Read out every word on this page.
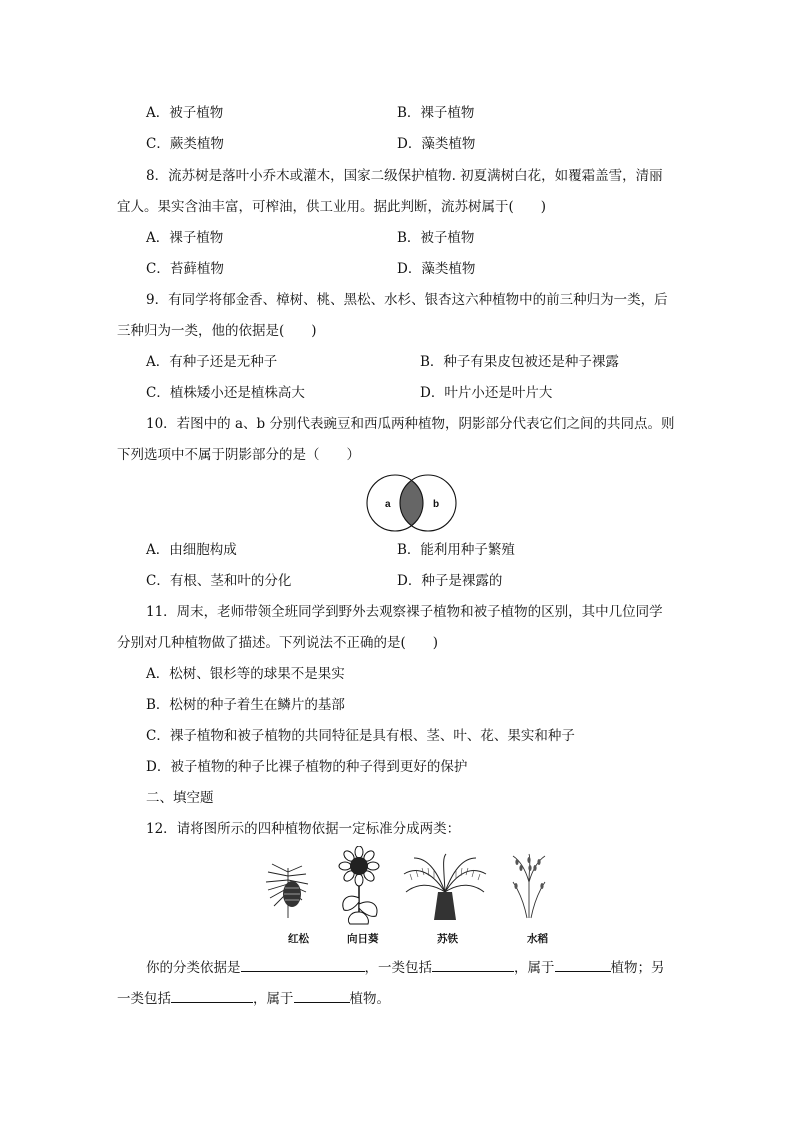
A．被子植物	B．裸子植物
C．蕨类植物	D．藻类植物
8．流苏树是落叶小乔木或灌木，国家二级保护植物. 初夏满树白花，如覆霜盖雪，清丽
宜人。果实含油丰富，可榨油，供工业用。据此判断，流苏树属于(　　)
A．裸子植物	B．被子植物
C．苔藓植物	D．藻类植物
9．有同学将郁金香、樟树、桃、黑松、水杉、银杏这六种植物中的前三种归为一类，后
三种归为一类，他的依据是(　　)
A．有种子还是无种子	B．种子有果皮包被还是种子裸露
C．植株矮小还是植株高大	D．叶片小还是叶片大
10．若图中的 a、b 分别代表豌豆和西瓜两种植物，阴影部分代表它们之间的共同点。则
下列选项中不属于阴影部分的是（　　）
a	b
A．由细胞构成	B．能利用种子繁殖
C．有根、茎和叶的分化	D．种子是裸露的
11．周末，老师带领全班同学到野外去观察裸子植物和被子植物的区别，其中几位同学
分别对几种植物做了描述。下列说法不正确的是(　　)
A．松树、银杉等的球果不是果实
B．松树的种子着生在鳞片的基部
C．裸子植物和被子植物的共同特征是具有根、茎、叶、花、果实和种子
D．被子植物的种子比裸子植物的种子得到更好的保护
二、填空题
12．请将图所示的四种植物依据一定标准分成两类：
红松	向日葵	苏铁	水稻
你的分类依据是	，一类包括	，属于	植物；另
一类包括	，属于	植物。
